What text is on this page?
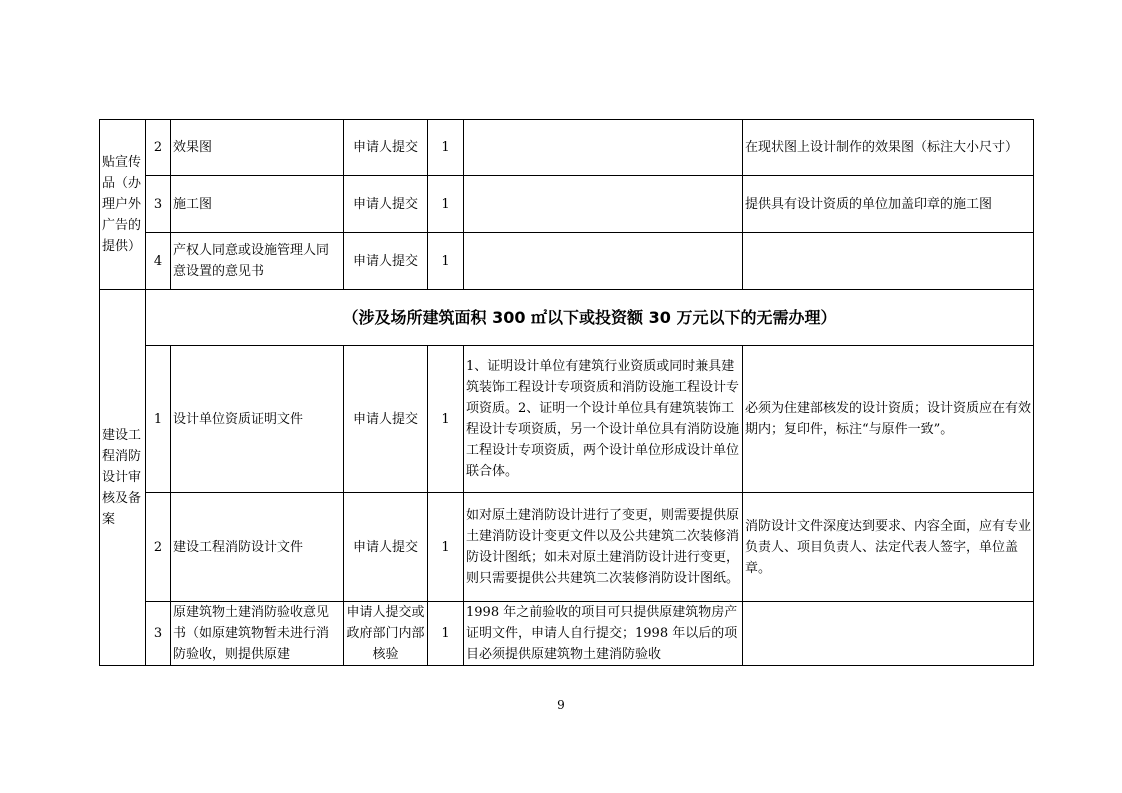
贴宣传品（办理户外广告的提供）	2	效果图	申请人提交	1		在现状图上设计制作的效果图（标注大小尺寸）
	3	施工图	申请人提交	1		提供具有设计资质的单位加盖印章的施工图
	4	产权人同意或设施管理人同意设置的意见书	申请人提交	1		
建设工程消防设计审核及备案	（涉及场所建筑面积 300 ㎡以下或投资额 30 万元以下的无需办理）					
	1	设计单位资质证明文件	申请人提交	1	1、证明设计单位有建筑行业资质或同时兼具建筑装饰工程设计专项资质和消防设施工程设计专项资质。2、证明一个设计单位具有建筑装饰工程设计专项资质，另一个设计单位具有消防设施工程设计专项资质，两个设计单位形成设计单位联合体。	必须为住建部核发的设计资质；设计资质应在有效期内；复印件，标注“与原件一致”。
	2	建设工程消防设计文件	申请人提交	1	如对原土建消防设计进行了变更，则需要提供原土建消防设计变更文件以及公共建筑二次装修消防设计图纸；如未对原土建消防设计进行变更，则只需要提供公共建筑二次装修消防设计图纸。	消防设计文件深度达到要求、内容全面，应有专业负责人、项目负责人、法定代表人签字，单位盖章。
	3	原建筑物土建消防验收意见书（如原建筑物暂未进行消防验收，则提供原建	申请人提交或政府部门内部核验	1	1998 年之前验收的项目可只提供原建筑物房产证明文件，申请人自行提交；1998 年以后的项目必须提供原建筑物土建消防验收	
9
